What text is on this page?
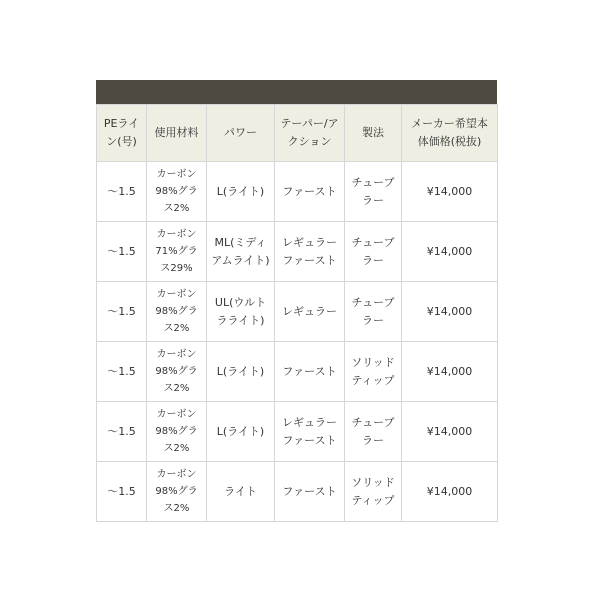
PEライン(号)	使用材料	パワー	テーパー/アクション	製法	メーカー希望本体価格(税抜)
〜1.5	カーボン98%グラス2%	L(ライト)	ファースト	チューブラー	¥14,000
〜1.5	カーボン71%グラス29%	ML(ミディアムライト)	レギュラーファースト	チューブラー	¥14,000
〜1.5	カーボン98%グラス2%	UL(ウルトラライト)	レギュラー	チューブラー	¥14,000
〜1.5	カーボン98%グラス2%	L(ライト)	ファースト	ソリッドティップ	¥14,000
〜1.5	カーボン98%グラス2%	L(ライト)	レギュラーファースト	チューブラー	¥14,000
〜1.5	カーボン98%グラス2%	ライト	ファースト	ソリッドティップ	¥14,000
